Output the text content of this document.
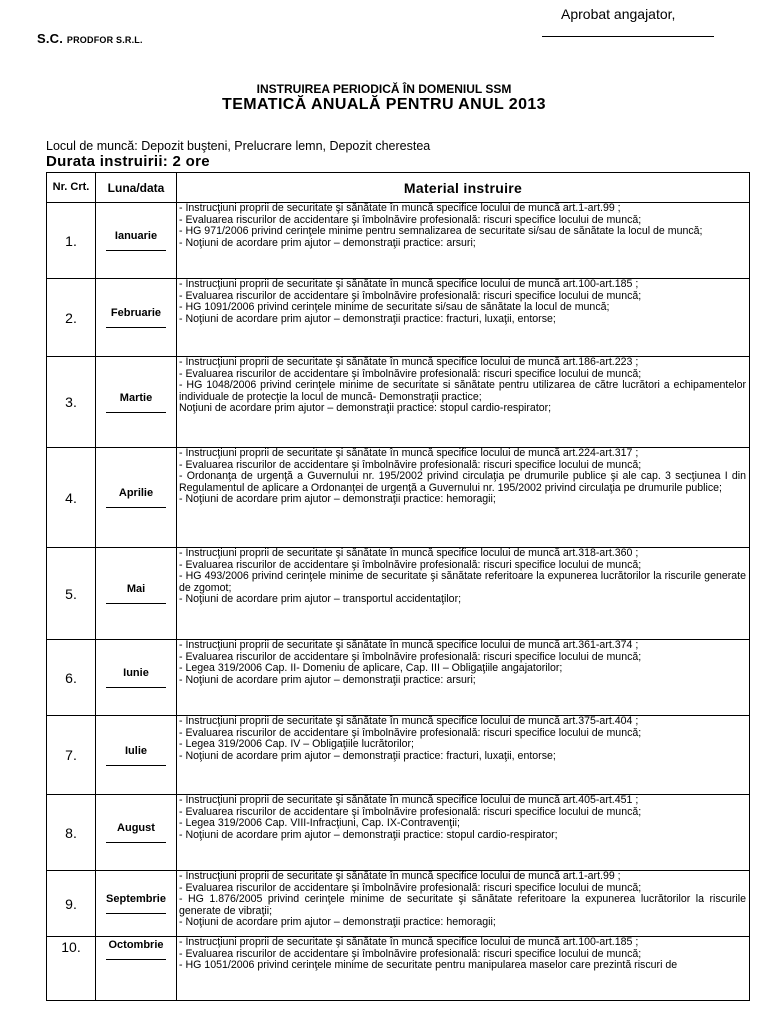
Aprobat angajator,
S.C. PRODFOR S.R.L.
INSTRUIREA PERIODICĂ ÎN DOMENIUL SSM
TEMATICĂ ANUALĂ PENTRU ANUL 2013
Locul de muncă: Depozit buşteni, Prelucrare lemn, Depozit cherestea
Durata instruirii: 2 ore
Nr. Crt.	Luna/data	Material instruire
1.	Ianuarie	- Instrucţiuni proprii de securitate şi sănătate în muncă specifice locului de muncă art.1-art.99 ;
- Evaluarea riscurilor de accidentare şi îmbolnăvire profesională: riscuri specifice locului de muncă;
- HG 971/2006 privind cerinţele minime pentru semnalizarea de securitate si/sau de sănătate la locul de muncă;
- Noţiuni de acordare prim ajutor – demonstraţii practice: arsuri;

2.	Februarie	- Instrucţiuni proprii de securitate şi sănătate în muncă specifice locului de muncă art.100-art.185 ;
- Evaluarea riscurilor de accidentare şi îmbolnăvire profesională: riscuri specifice locului de muncă;
- HG 1091/2006 privind cerinţele minime de securitate si/sau de sănătate la locul de muncă;
- Noţiuni de acordare prim ajutor – demonstraţii practice: fracturi, luxaţii, entorse;

3.	Martie	- Instrucţiuni proprii de securitate şi sănătate în muncă specifice locului de muncă art.186-art.223 ;
- Evaluarea riscurilor de accidentare şi îmbolnăvire profesională: riscuri specifice locului de muncă;
- HG 1048/2006 privind cerinţele minime de securitate si sănătate pentru utilizarea de către lucrători a echipamentelor individuale de protecţie la locul de muncă- Demonstraţii practice;
Noţiuni de acordare prim ajutor – demonstraţii practice: stopul cardio-respirator;

4.	Aprilie	- Instrucţiuni proprii de securitate şi sănătate în muncă specifice locului de muncă art.224-art.317 ;
- Evaluarea riscurilor de accidentare şi îmbolnăvire profesională: riscuri specifice locului de muncă;
- Ordonanţa de urgenţă a Guvernului nr. 195/2002 privind circulaţia pe drumurile publice şi ale cap. 3 secţiunea I din Regulamentul de aplicare a Ordonanţei de urgenţă a Guvernului nr. 195/2002 privind circulaţia pe drumurile publice;
- Noţiuni de acordare prim ajutor – demonstraţii practice: hemoragii;

5.	Mai	- Instrucţiuni proprii de securitate şi sănătate în muncă specifice locului de muncă art.318-art.360 ;
- Evaluarea riscurilor de accidentare şi îmbolnăvire profesională: riscuri specifice locului de muncă;
- HG 493/2006 privind cerinţele minime de securitate şi sănătate referitoare la expunerea lucrătorilor la riscurile generate de zgomot;
- Noţiuni de acordare prim ajutor – transportul accidentaţilor;

6.	Iunie	- Instrucţiuni proprii de securitate şi sănătate în muncă specifice locului de muncă art.361-art.374 ;
- Evaluarea riscurilor de accidentare şi îmbolnăvire profesională: riscuri specifice locului de muncă;
- Legea 319/2006 Cap. II- Domeniu de aplicare, Cap. III – Obligaţiile angajatorilor;
- Noţiuni de acordare prim ajutor – demonstraţii practice: arsuri;

7.	Iulie	- Instrucţiuni proprii de securitate şi sănătate în muncă specifice locului de muncă art.375-art.404 ;
- Evaluarea riscurilor de accidentare şi îmbolnăvire profesională: riscuri specifice locului de muncă;
- Legea 319/2006 Cap. IV – Obligaţiile lucrătorilor;
- Noţiuni de acordare prim ajutor – demonstraţii practice: fracturi, luxaţii, entorse;

8.	August	- Instrucţiuni proprii de securitate şi sănătate în muncă specifice locului de muncă art.405-art.451 ;
- Evaluarea riscurilor de accidentare şi îmbolnăvire profesională: riscuri specifice locului de muncă;
- Legea 319/2006 Cap. VIII-Infracţiuni, Cap. IX-Contravenţii;
- Noţiuni de acordare prim ajutor – demonstraţii practice: stopul cardio-respirator;

9.	Septembrie	- Instrucţiuni proprii de securitate şi sănătate în muncă specifice locului de muncă art.1-art.99 ;
- Evaluarea riscurilor de accidentare şi îmbolnăvire profesională: riscuri specifice locului de muncă;
- HG 1.876/2005 privind cerinţele minime de securitate şi sănătate referitoare la expunerea lucrătorilor la riscurile generate de vibraţii;
- Noţiuni de acordare prim ajutor – demonstraţii practice: hemoragii;

10.	Octombrie	- Instrucţiuni proprii de securitate şi sănătate în muncă specifice locului de muncă art.100-art.185 ;
- Evaluarea riscurilor de accidentare şi îmbolnăvire profesională: riscuri specifice locului de muncă;
- HG 1051/2006 privind cerinţele minime de securitate pentru manipularea maselor care prezintă riscuri de
